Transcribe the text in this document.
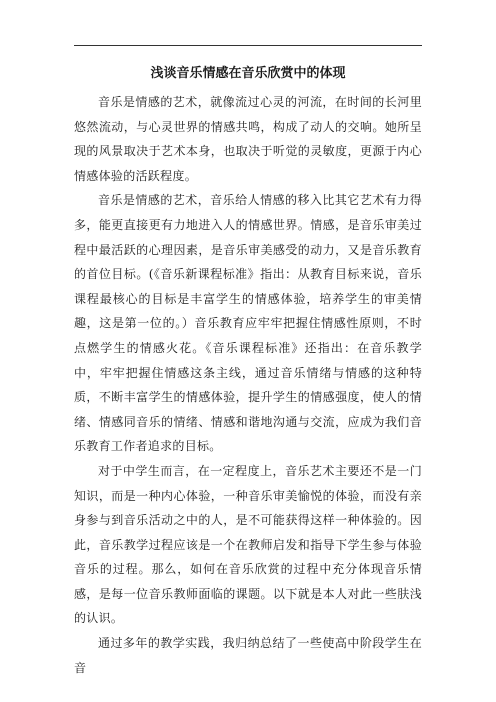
浅谈音乐情感在音乐欣赏中的体现

音乐是情感的艺术，就像流过心灵的河流，在时间的长河里悠然流动，与心灵世界的情感共鸣，构成了动人的交响。她所呈现的风景取决于艺术本身，也取决于听觉的灵敏度，更源于内心情感体验的活跃程度。

音乐是情感的艺术，音乐给人情感的移入比其它艺术有力得多，能更直接更有力地进入人的情感世界。情感，是音乐审美过程中最活跃的心理因素，是音乐审美感受的动力，又是音乐教育的首位目标。(《音乐新课程标准》指出：从教育目标来说，音乐课程最核心的目标是丰富学生的情感体验，培养学生的审美情趣，这是第一位的。）音乐教育应牢牢把握住情感性原则，不时点燃学生的情感火花。《音乐课程标准》还指出：在音乐教学中，牢牢把握住情感这条主线，通过音乐情绪与情感的这种特质，不断丰富学生的情感体验，提升学生的情感强度，使人的情绪、情感同音乐的情绪、情感和谐地沟通与交流，应成为我们音乐教育工作者追求的目标。

对于中学生而言，在一定程度上，音乐艺术主要还不是一门知识，而是一种内心体验，一种音乐审美愉悦的体验，而没有亲身参与到音乐活动之中的人，是不可能获得这样一种体验的。因此，音乐教学过程应该是一个在教师启发和指导下学生参与体验音乐的过程。那么，如何在音乐欣赏的过程中充分体现音乐情感，是每一位音乐教师面临的课题。以下就是本人对此一些肤浅的认识。

通过多年的教学实践，我归纳总结了一些使高中阶段学生在音
